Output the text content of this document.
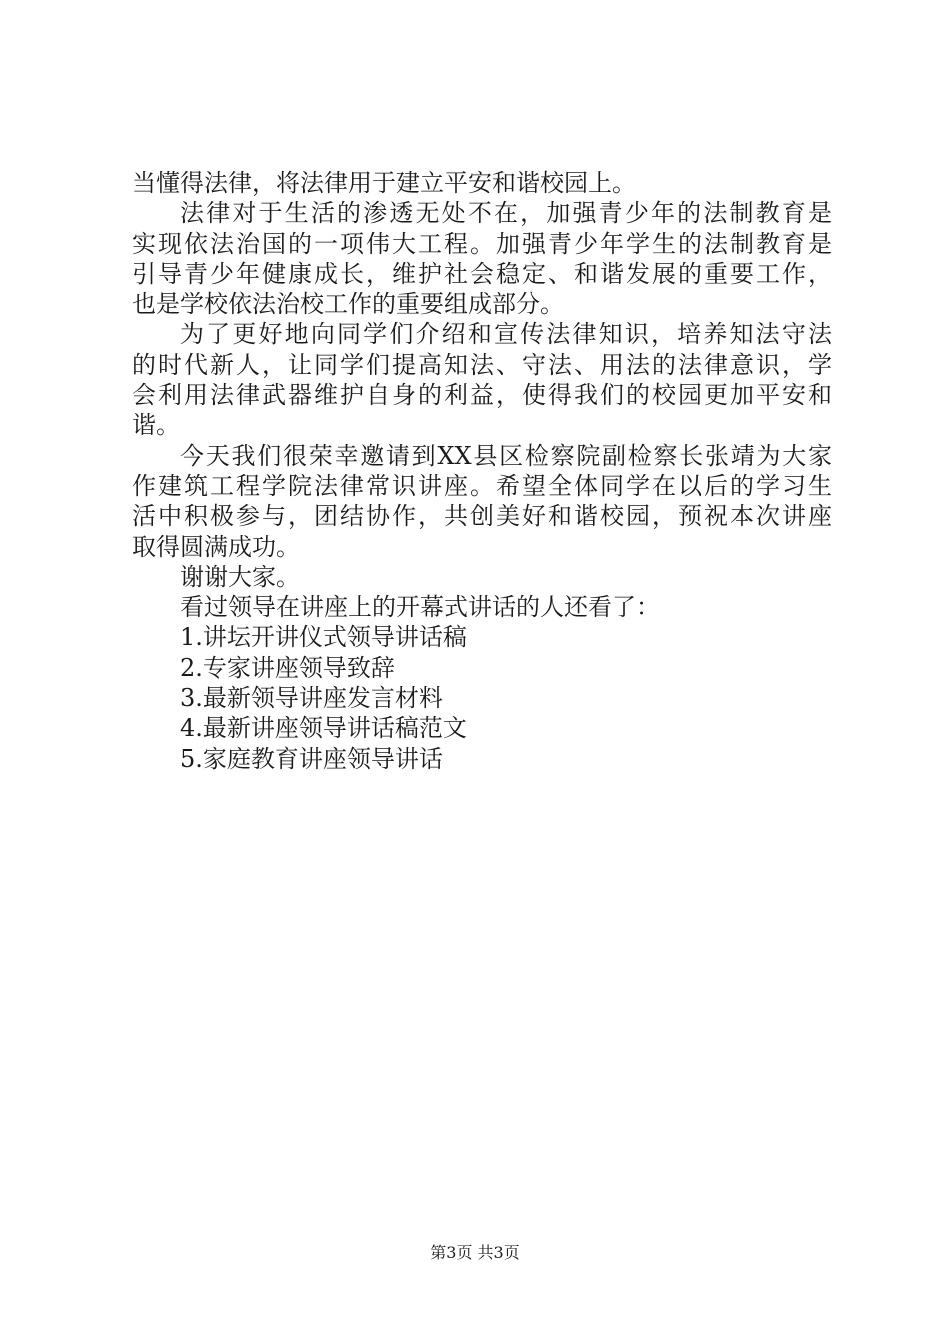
当懂得法律，将法律用于建立平安和谐校园上。
法律对于生活的渗透无处不在，加强青少年的法制教育是
实现依法治国的一项伟大工程。加强青少年学生的法制教育是
引导青少年健康成长，维护社会稳定、和谐发展的重要工作，
也是学校依法治校工作的重要组成部分。
为了更好地向同学们介绍和宣传法律知识，培养知法守法
的时代新人，让同学们提高知法、守法、用法的法律意识，学
会利用法律武器维护自身的利益，使得我们的校园更加平安和
谐。
今天我们很荣幸邀请到XX县区检察院副检察长张靖为大家
作建筑工程学院法律常识讲座。希望全体同学在以后的学习生
活中积极参与，团结协作，共创美好和谐校园，预祝本次讲座
取得圆满成功。
谢谢大家。
看过领导在讲座上的开幕式讲话的人还看了：
1.讲坛开讲仪式领导讲话稿
2.专家讲座领导致辞
3.最新领导讲座发言材料
4.最新讲座领导讲话稿范文
5.家庭教育讲座领导讲话
第3页 共3页
